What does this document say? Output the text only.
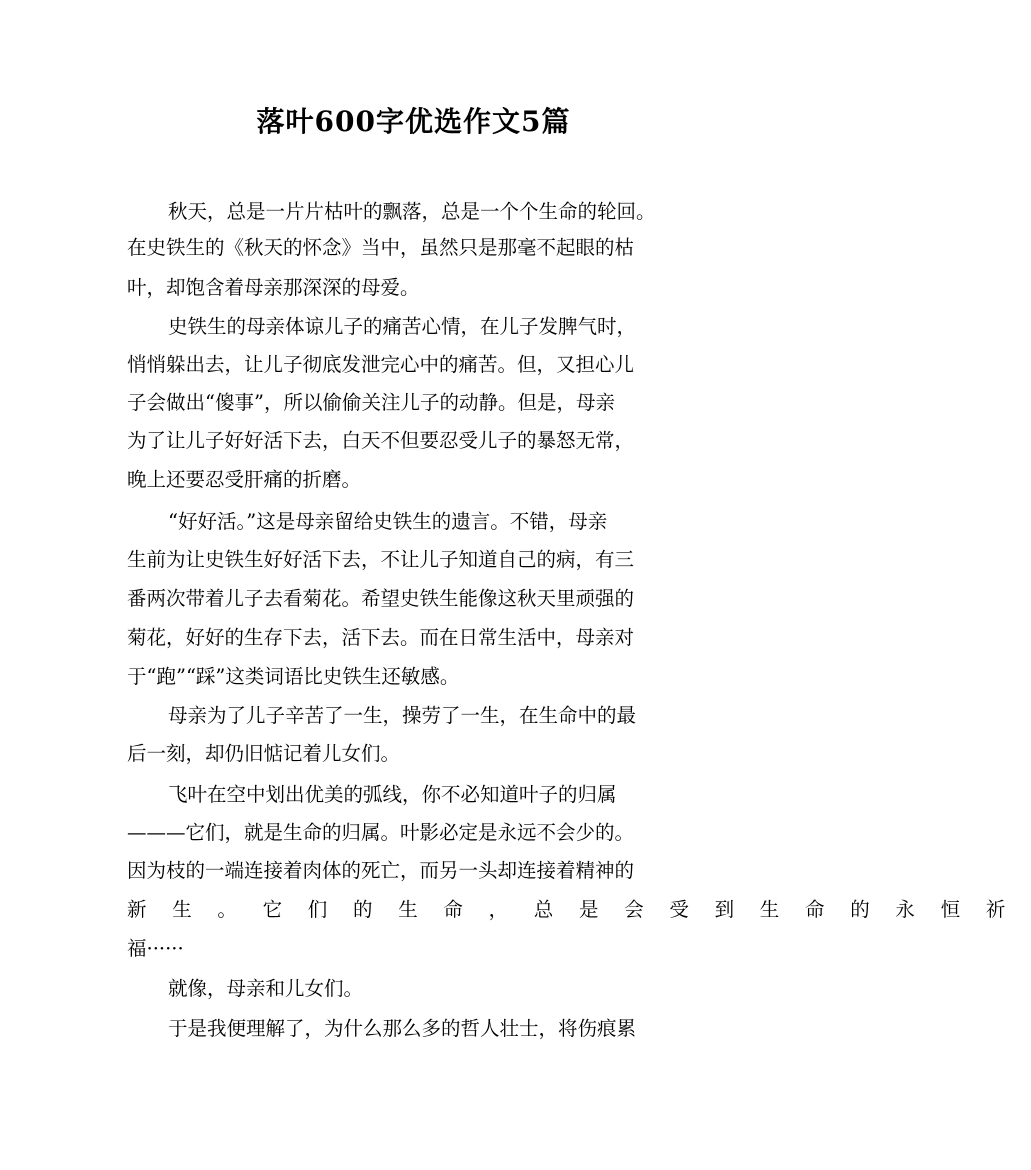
落叶600字优选作文5篇
秋天，总是一片片枯叶的飘落，总是一个个生命的轮回。
在史铁生的《秋天的怀念》当中，虽然只是那毫不起眼的枯
叶，却饱含着母亲那深深的母爱。
史铁生的母亲体谅儿子的痛苦心情，在儿子发脾气时，
悄悄躲出去，让儿子彻底发泄完心中的痛苦。但，又担心儿
子会做出“傻事”，所以偷偷关注儿子的动静。但是，母亲
为了让儿子好好活下去，白天不但要忍受儿子的暴怒无常，
晚上还要忍受肝痛的折磨。
“好好活。”这是母亲留给史铁生的遗言。不错，母亲
生前为让史铁生好好活下去，不让儿子知道自己的病，有三
番两次带着儿子去看菊花。希望史铁生能像这秋天里顽强的
菊花，好好的生存下去，活下去。而在日常生活中，母亲对
于“跑”“踩”这类词语比史铁生还敏感。
母亲为了儿子辛苦了一生，操劳了一生，在生命中的最
后一刻，却仍旧惦记着儿女们。
飞叶在空中划出优美的弧线，你不必知道叶子的归属
———它们，就是生命的归属。叶影必定是永远不会少的。
因为枝的一端连接着肉体的死亡，而另一头却连接着精神的
新生。它们的生命，总是会受到生命的永恒祈
福······
就像，母亲和儿女们。
于是我便理解了，为什么那么多的哲人壮士，将伤痕累
